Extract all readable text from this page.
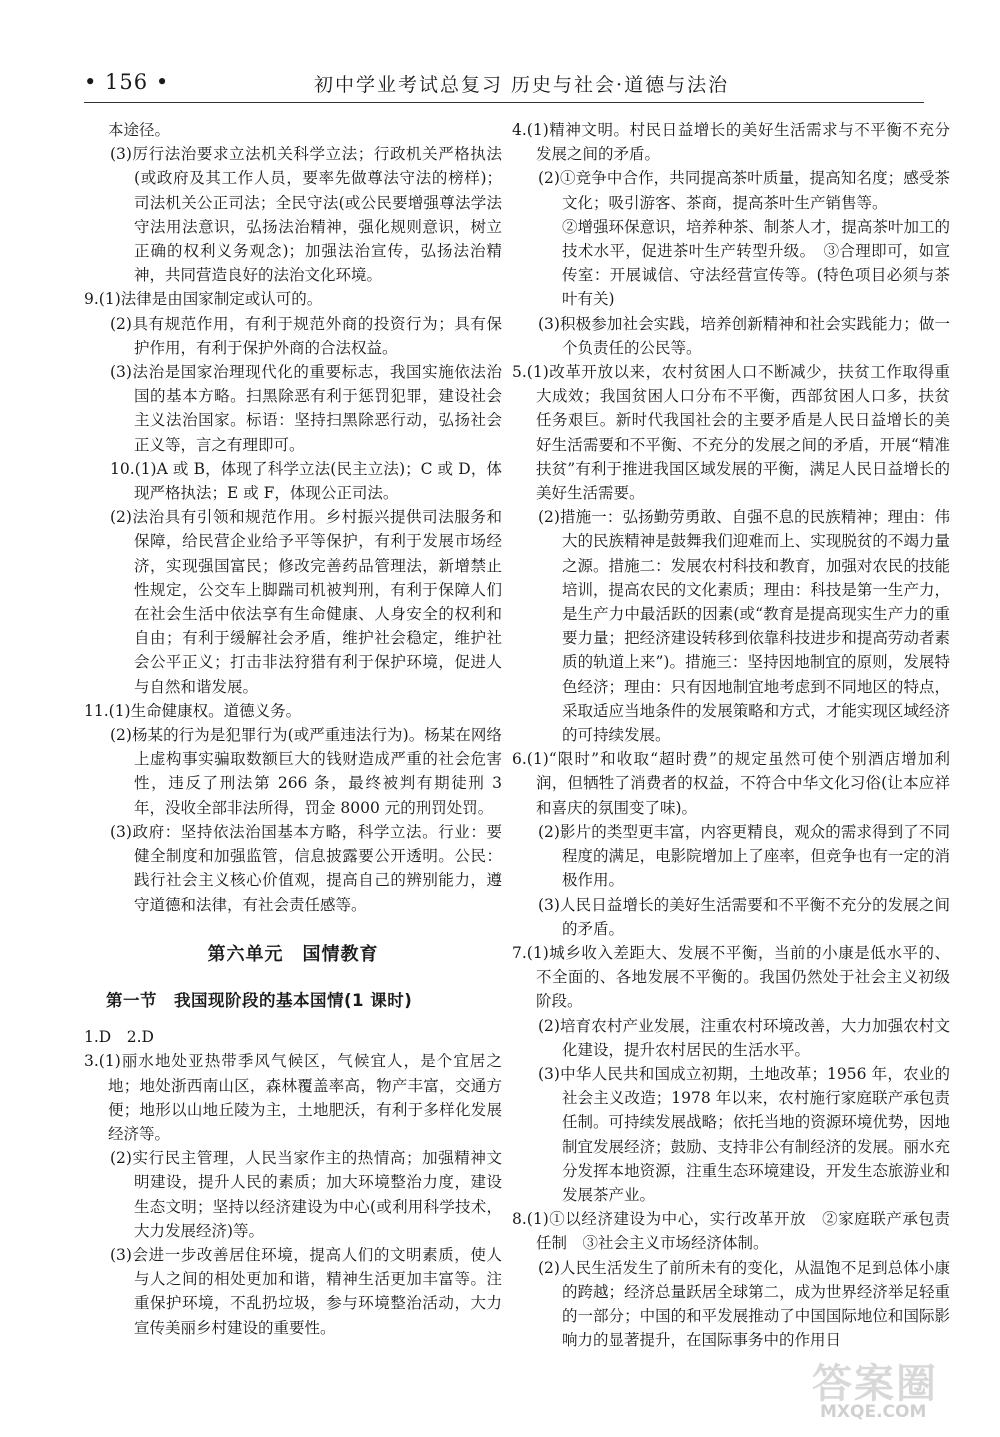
• 156 •	初中学业考试总复习 历史与社会·道德与法治

本途径。

(3)厉行法治要求立法机关科学立法；行政机关严格执法(或政府及其工作人员，要率先做尊法守法的榜样)；司法机关公正司法；全民守法(或公民要增强尊法学法守法用法意识，弘扬法治精神，强化规则意识，树立正确的权利义务观念)；加强法治宣传，弘扬法治精神，共同营造良好的法治文化环境。

9.(1)法律是由国家制定或认可的。

(2)具有规范作用，有利于规范外商的投资行为；具有保护作用，有利于保护外商的合法权益。

(3)法治是国家治理现代化的重要标志，我国实施依法治国的基本方略。扫黑除恶有利于惩罚犯罪，建设社会主义法治国家。标语：坚持扫黑除恶行动，弘扬社会正义等，言之有理即可。

10.(1)A 或 B，体现了科学立法(民主立法)；C 或 D，体现严格执法；E 或 F，体现公正司法。

(2)法治具有引领和规范作用。乡村振兴提供司法服务和保障，给民营企业给予平等保护，有利于发展市场经济，实现强国富民；修改完善药品管理法，新增禁止性规定，公交车上脚踹司机被判刑，有利于保障人们在社会生活中依法享有生命健康、人身安全的权利和自由；有利于缓解社会矛盾，维护社会稳定，维护社会公平正义；打击非法狩猎有利于保护环境，促进人与自然和谐发展。

11.(1)生命健康权。道德义务。

(2)杨某的行为是犯罪行为(或严重违法行为)。杨某在网络上虚构事实骗取数额巨大的钱财造成严重的社会危害性，违反了刑法第 266 条，最终被判有期徒刑 3 年，没收全部非法所得，罚金 8000 元的刑罚处罚。

(3)政府：坚持依法治国基本方略，科学立法。行业：要健全制度和加强监管，信息披露要公开透明。公民：践行社会主义核心价值观，提高自己的辨别能力，遵守道德和法律，有社会责任感等。

第六单元　国情教育
第一节　我国现阶段的基本国情(1 课时)

1.D　2.D

3.(1)丽水地处亚热带季风气候区，气候宜人，是个宜居之地；地处浙西南山区，森林覆盖率高，物产丰富，交通方便；地形以山地丘陵为主，土地肥沃，有利于多样化发展经济等。

(2)实行民主管理，人民当家作主的热情高；加强精神文明建设，提升人民的素质；加大环境整治力度，建设生态文明；坚持以经济建设为中心(或利用科学技术，大力发展经济)等。

(3)会进一步改善居住环境，提高人们的文明素质，使人与人之间的相处更加和谐，精神生活更加丰富等。注重保护环境，不乱扔垃圾，参与环境整治活动，大力宣传美丽乡村建设的重要性。

4.(1)精神文明。村民日益增长的美好生活需求与不平衡不充分发展之间的矛盾。

(2)①竞争中合作，共同提高茶叶质量，提高知名度；感受茶文化；吸引游客、茶商，提高茶叶生产销售等。

②增强环保意识，培养种茶、制茶人才，提高茶叶加工的技术水平，促进茶叶生产转型升级。　③合理即可，如宣传室：开展诚信、守法经营宣传等。(特色项目必须与茶叶有关)

(3)积极参加社会实践，培养创新精神和社会实践能力；做一个负责任的公民等。

5.(1)改革开放以来，农村贫困人口不断减少，扶贫工作取得重大成效；我国贫困人口分布不平衡，西部贫困人口多，扶贫任务艰巨。新时代我国社会的主要矛盾是人民日益增长的美好生活需要和不平衡、不充分的发展之间的矛盾，开展“精准扶贫”有利于推进我国区域发展的平衡，满足人民日益增长的美好生活需要。

(2)措施一：弘扬勤劳勇敢、自强不息的民族精神；理由：伟大的民族精神是鼓舞我们迎难而上、实现脱贫的不竭力量之源。措施二：发展农村科技和教育，加强对农民的技能培训，提高农民的文化素质；理由：科技是第一生产力，是生产力中最活跃的因素(或“教育是提高现实生产力的重要力量；把经济建设转移到依靠科技进步和提高劳动者素质的轨道上来”)。措施三：坚持因地制宜的原则，发展特色经济；理由：只有因地制宜地考虑到不同地区的特点，采取适应当地条件的发展策略和方式，才能实现区域经济的可持续发展。

6.(1)“限时”和收取“超时费”的规定虽然可使个别酒店增加利润，但牺牲了消费者的权益，不符合中华文化习俗(让本应祥和喜庆的氛围变了味)。

(2)影片的类型更丰富，内容更精良，观众的需求得到了不同程度的满足，电影院增加上了座率，但竞争也有一定的消极作用。

(3)人民日益增长的美好生活需要和不平衡不充分的发展之间的矛盾。

7.(1)城乡收入差距大、发展不平衡，当前的小康是低水平的、不全面的、各地发展不平衡的。我国仍然处于社会主义初级阶段。

(2)培育农村产业发展，注重农村环境改善，大力加强农村文化建设，提升农村居民的生活水平。

(3)中华人民共和国成立初期，土地改革；1956 年，农业的社会主义改造；1978 年以来，农村施行家庭联产承包责任制。可持续发展战略；依托当地的资源环境优势，因地制宜发展经济；鼓励、支持非公有制经济的发展。丽水充分发挥本地资源，注重生态环境建设，开发生态旅游业和发展茶产业。

8.(1)①以经济建设为中心，实行改革开放　②家庭联产承包责任制　③社会主义市场经济体制。

(2)人民生活发生了前所未有的变化，从温饱不足到总体小康的跨越；经济总量跃居全球第二，成为世界经济举足轻重的一部分；中国的和平发展推动了中国国际地位和国际影响力的显著提升，在国际事务中的作用日

答案圈
MXQE.COM
